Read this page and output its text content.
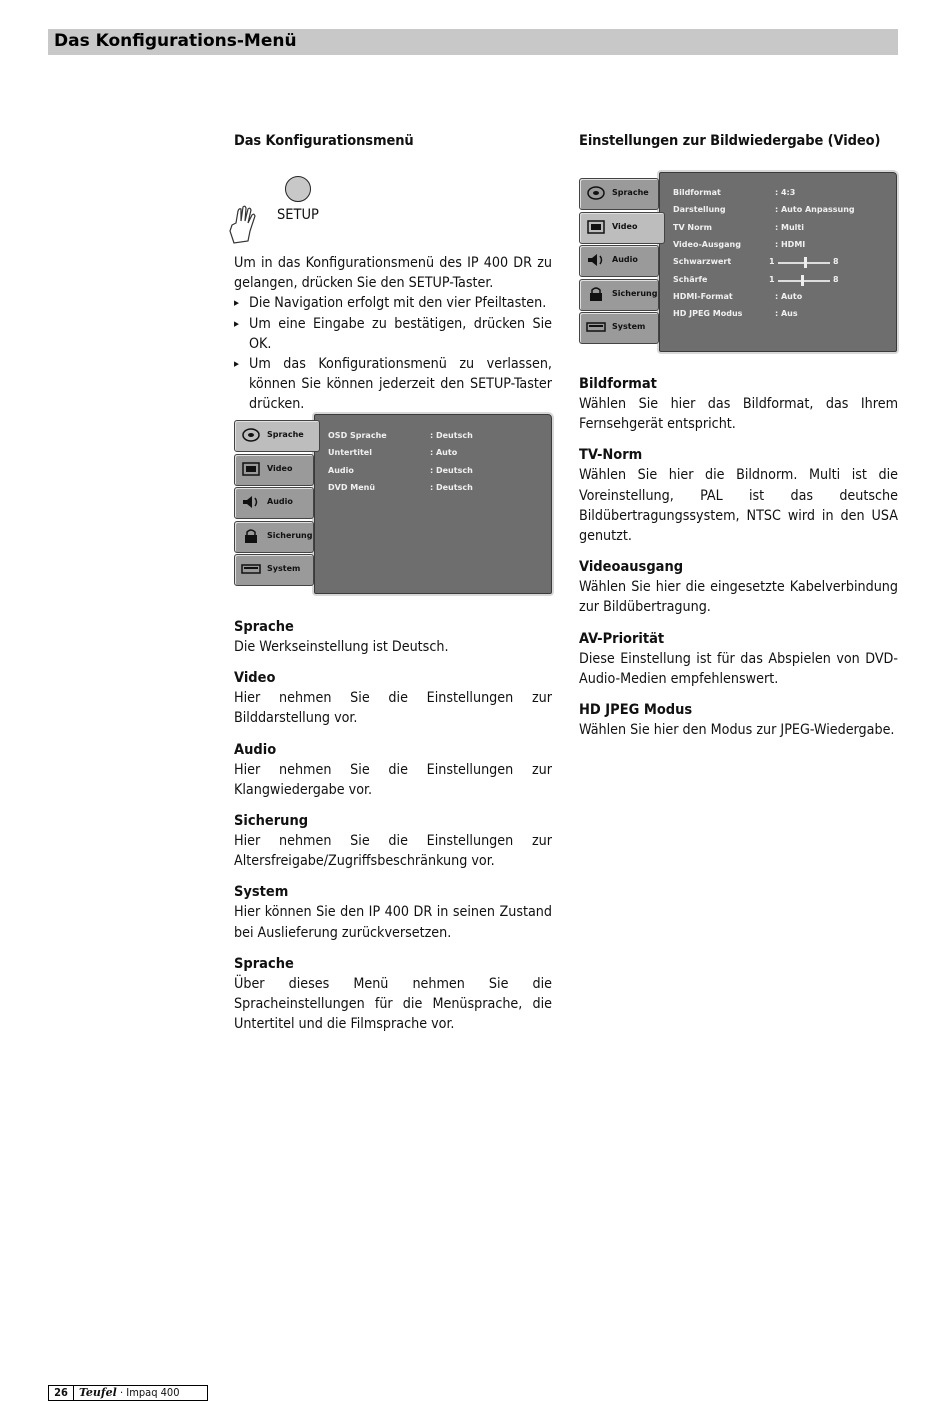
Das Konfigurations-Menü
Das Konfigurationsmenü
SETUP

Um in das Konfigurationsmenü des IP 400 DR zu gelangen, drücken Sie den SETUP-Taster.

▸ Die Navigation erfolgt mit den vier Pfeiltasten.
▸ Um eine Eingabe zu bestätigen, drücken Sie OK.
▸ Um das Konfigurationsmenü zu verlassen, können Sie können jederzeit den SETUP-Taster drücken.
Sprache
Video
Audio
Sicherung
System
OSD Sprache	: Deutsch
Untertitel	: Auto
Audio	: Deutsch
DVD Menü	: Deutsch
Sprache

Die Werkseinstellung ist Deutsch.

Video

Hier nehmen Sie die Einstellungen zur Bilddarstellung vor.

Audio

Hier nehmen Sie die Einstellungen zur Klangwiedergabe vor.

Sicherung

Hier nehmen Sie die Einstellungen zur Altersfreigabe/Zugriffsbeschränkung vor.

System

Hier können Sie den IP 400 DR in seinen Zustand bei Auslieferung zurückversetzen.

Sprache

Über dieses Menü nehmen Sie die Spracheinstellungen für die Menüsprache, die Untertitel und die Filmsprache vor.

Einstellungen zur Bildwiedergabe (Video)
Sprache
Video
Audio
Sicherung
System
Bildformat	: 4:3
Darstellung	: Auto Anpassung
TV Norm	: Multi
Video-Ausgang	: HDMI
Schwarzwert	1	8
Schärfe	1	8
HDMI-Format	: Auto
HD JPEG Modus	: Aus
Bildformat

Wählen Sie hier das Bildformat, das Ihrem Fernsehgerät entspricht.

TV-Norm

Wählen Sie hier die Bildnorm. Multi ist die Voreinstellung, PAL ist das deutsche Bildübertragungssystem, NTSC wird in den USA genutzt.

Videoausgang

Wählen Sie hier die eingesetzte Kabelverbindung zur Bildübertragung.

AV-Priorität

Diese Einstellung ist für das Abspielen von DVD-Audio-Medien empfehlenswert.

HD JPEG Modus

Wählen Sie hier den Modus zur JPEG-Wiedergabe.

26 Teufel · Impaq 400
